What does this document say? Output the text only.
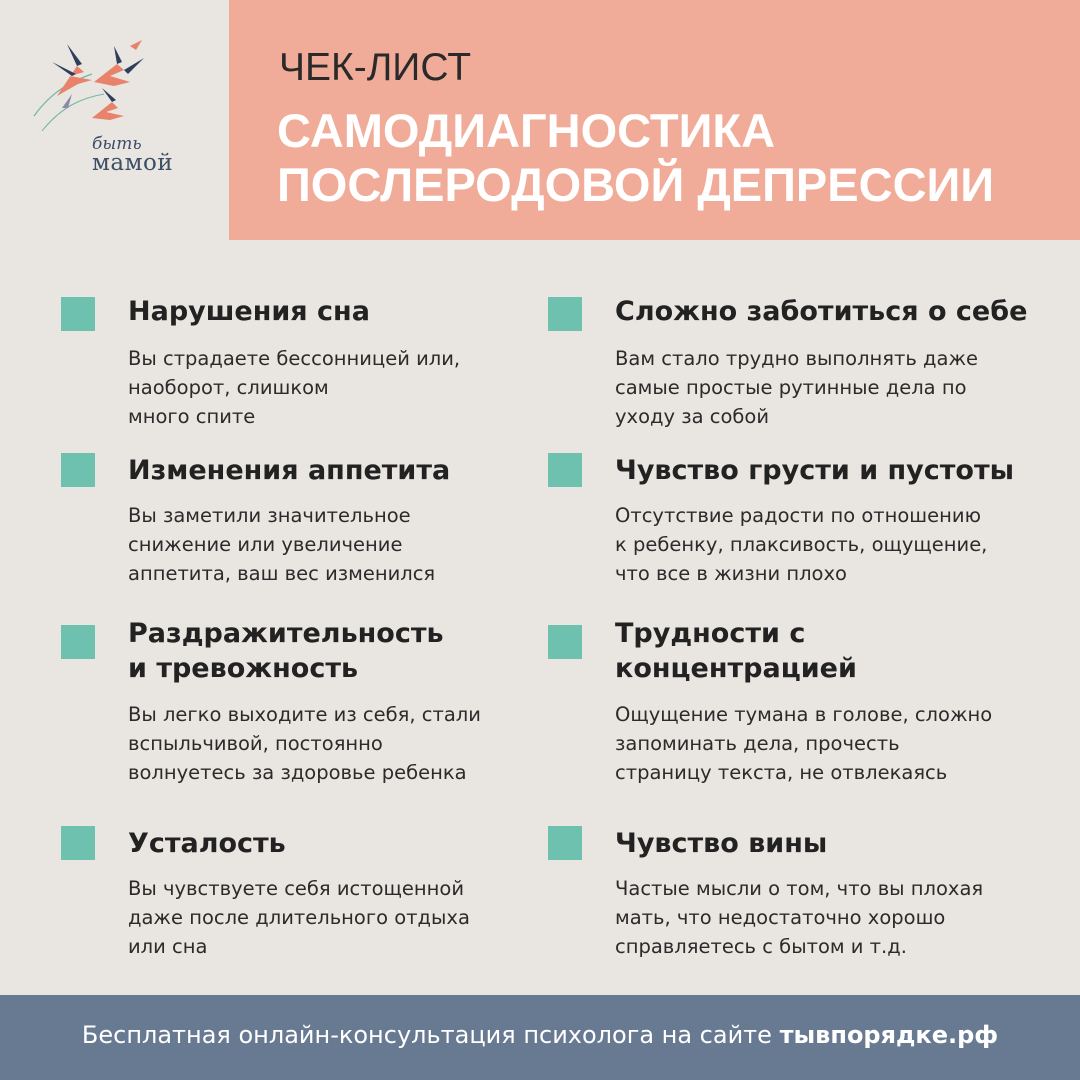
быть
мамой
ЧЕК-ЛИСТ
САМОДИАГНОСТИКА
ПОСЛЕРОДОВОЙ ДЕПРЕССИИ
Нарушения сна
Вы страдаете бессонницей или,
наоборот, слишком
много спите
Сложно заботиться о себе
Вам стало трудно выполнять даже
самые простые рутинные дела по
уходу за собой
Изменения аппетита
Вы заметили значительное
снижение или увеличение
аппетита, ваш вес изменился
Чувство грусти и пустоты
Отсутствие радости по отношению
к ребенку, плаксивость, ощущение,
что все в жизни плохо
Раздражительность
и тревожность
Вы легко выходите из себя, стали
вспыльчивой, постоянно
волнуетесь за здоровье ребенка
Трудности с
концентрацией
Ощущение тумана в голове, сложно
запоминать дела, прочесть
страницу текста, не отвлекаясь
Усталость
Вы чувствуете себя истощенной
даже после длительного отдыха
или сна
Чувство вины
Частые мысли о том, что вы плохая
мать, что недостаточно хорошо
справляетесь с бытом и т.д.
Бесплатная онлайн-консультация психолога на сайте тывпорядке.рф
